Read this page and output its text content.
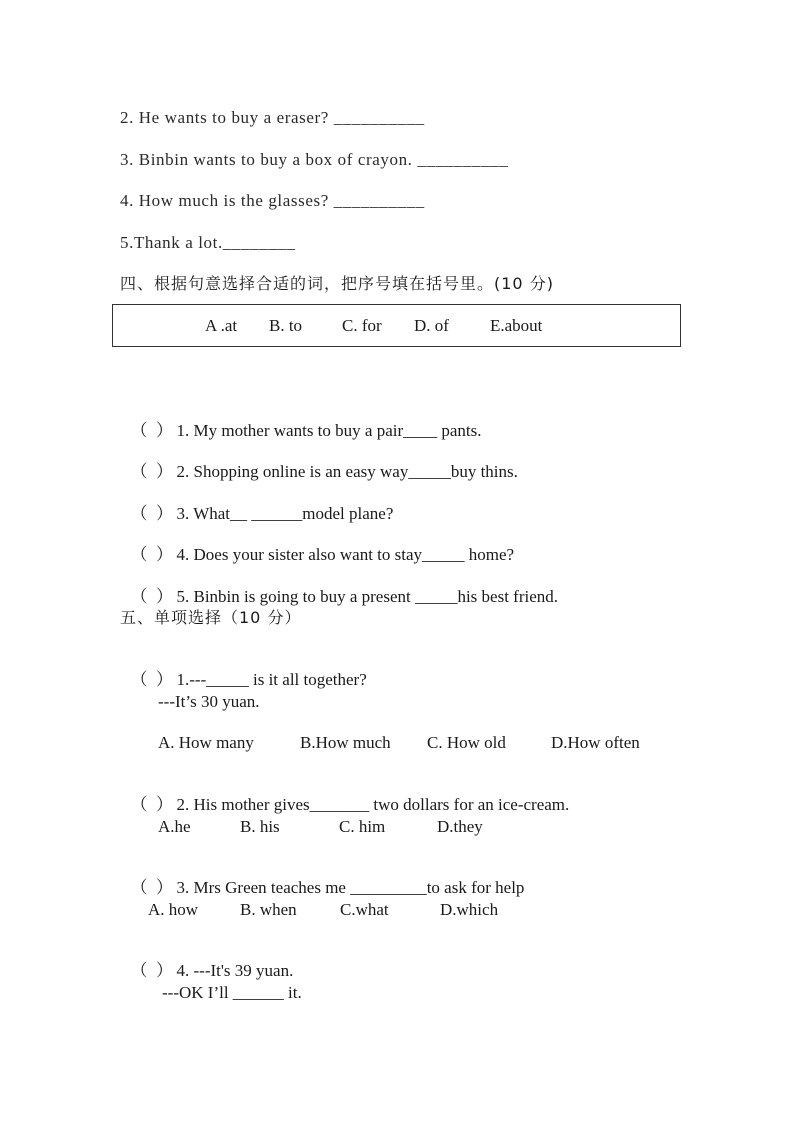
2. He wants to buy a eraser? __________
3. Binbin wants to buy a box of crayon. __________
4. How much is the glasses? __________
5.Thank a lot.________
四、根据句意选择合适的词，把序号填在括号里。(10 分)
A .at B. to C. for D. of E.about

（  ） 1. My mother wants to buy a pair____ pants.

（  ） 2. Shopping online is an easy way_____buy thins.

（  ） 3. What__ ______model plane?

（  ） 4. Does your sister also want to stay_____ home?

（  ） 5. Binbin is going to buy a present _____his best friend.

五、单项选择（10 分）

（  ） 1.---_____ is it all together?

---It’s 30 yuan.
A. How many	B.How much C. How old	D.How often

（  ） 2. His mother gives_______ two dollars for an ice-cream.

A.he	B. his	C. him	D.they

（  ） 3. Mrs Green teaches me _________to ask for help

A. how B. when	C.what	D.which

（  ） 4. ---It's 39 yuan.

---OK I’ll ______ it.
